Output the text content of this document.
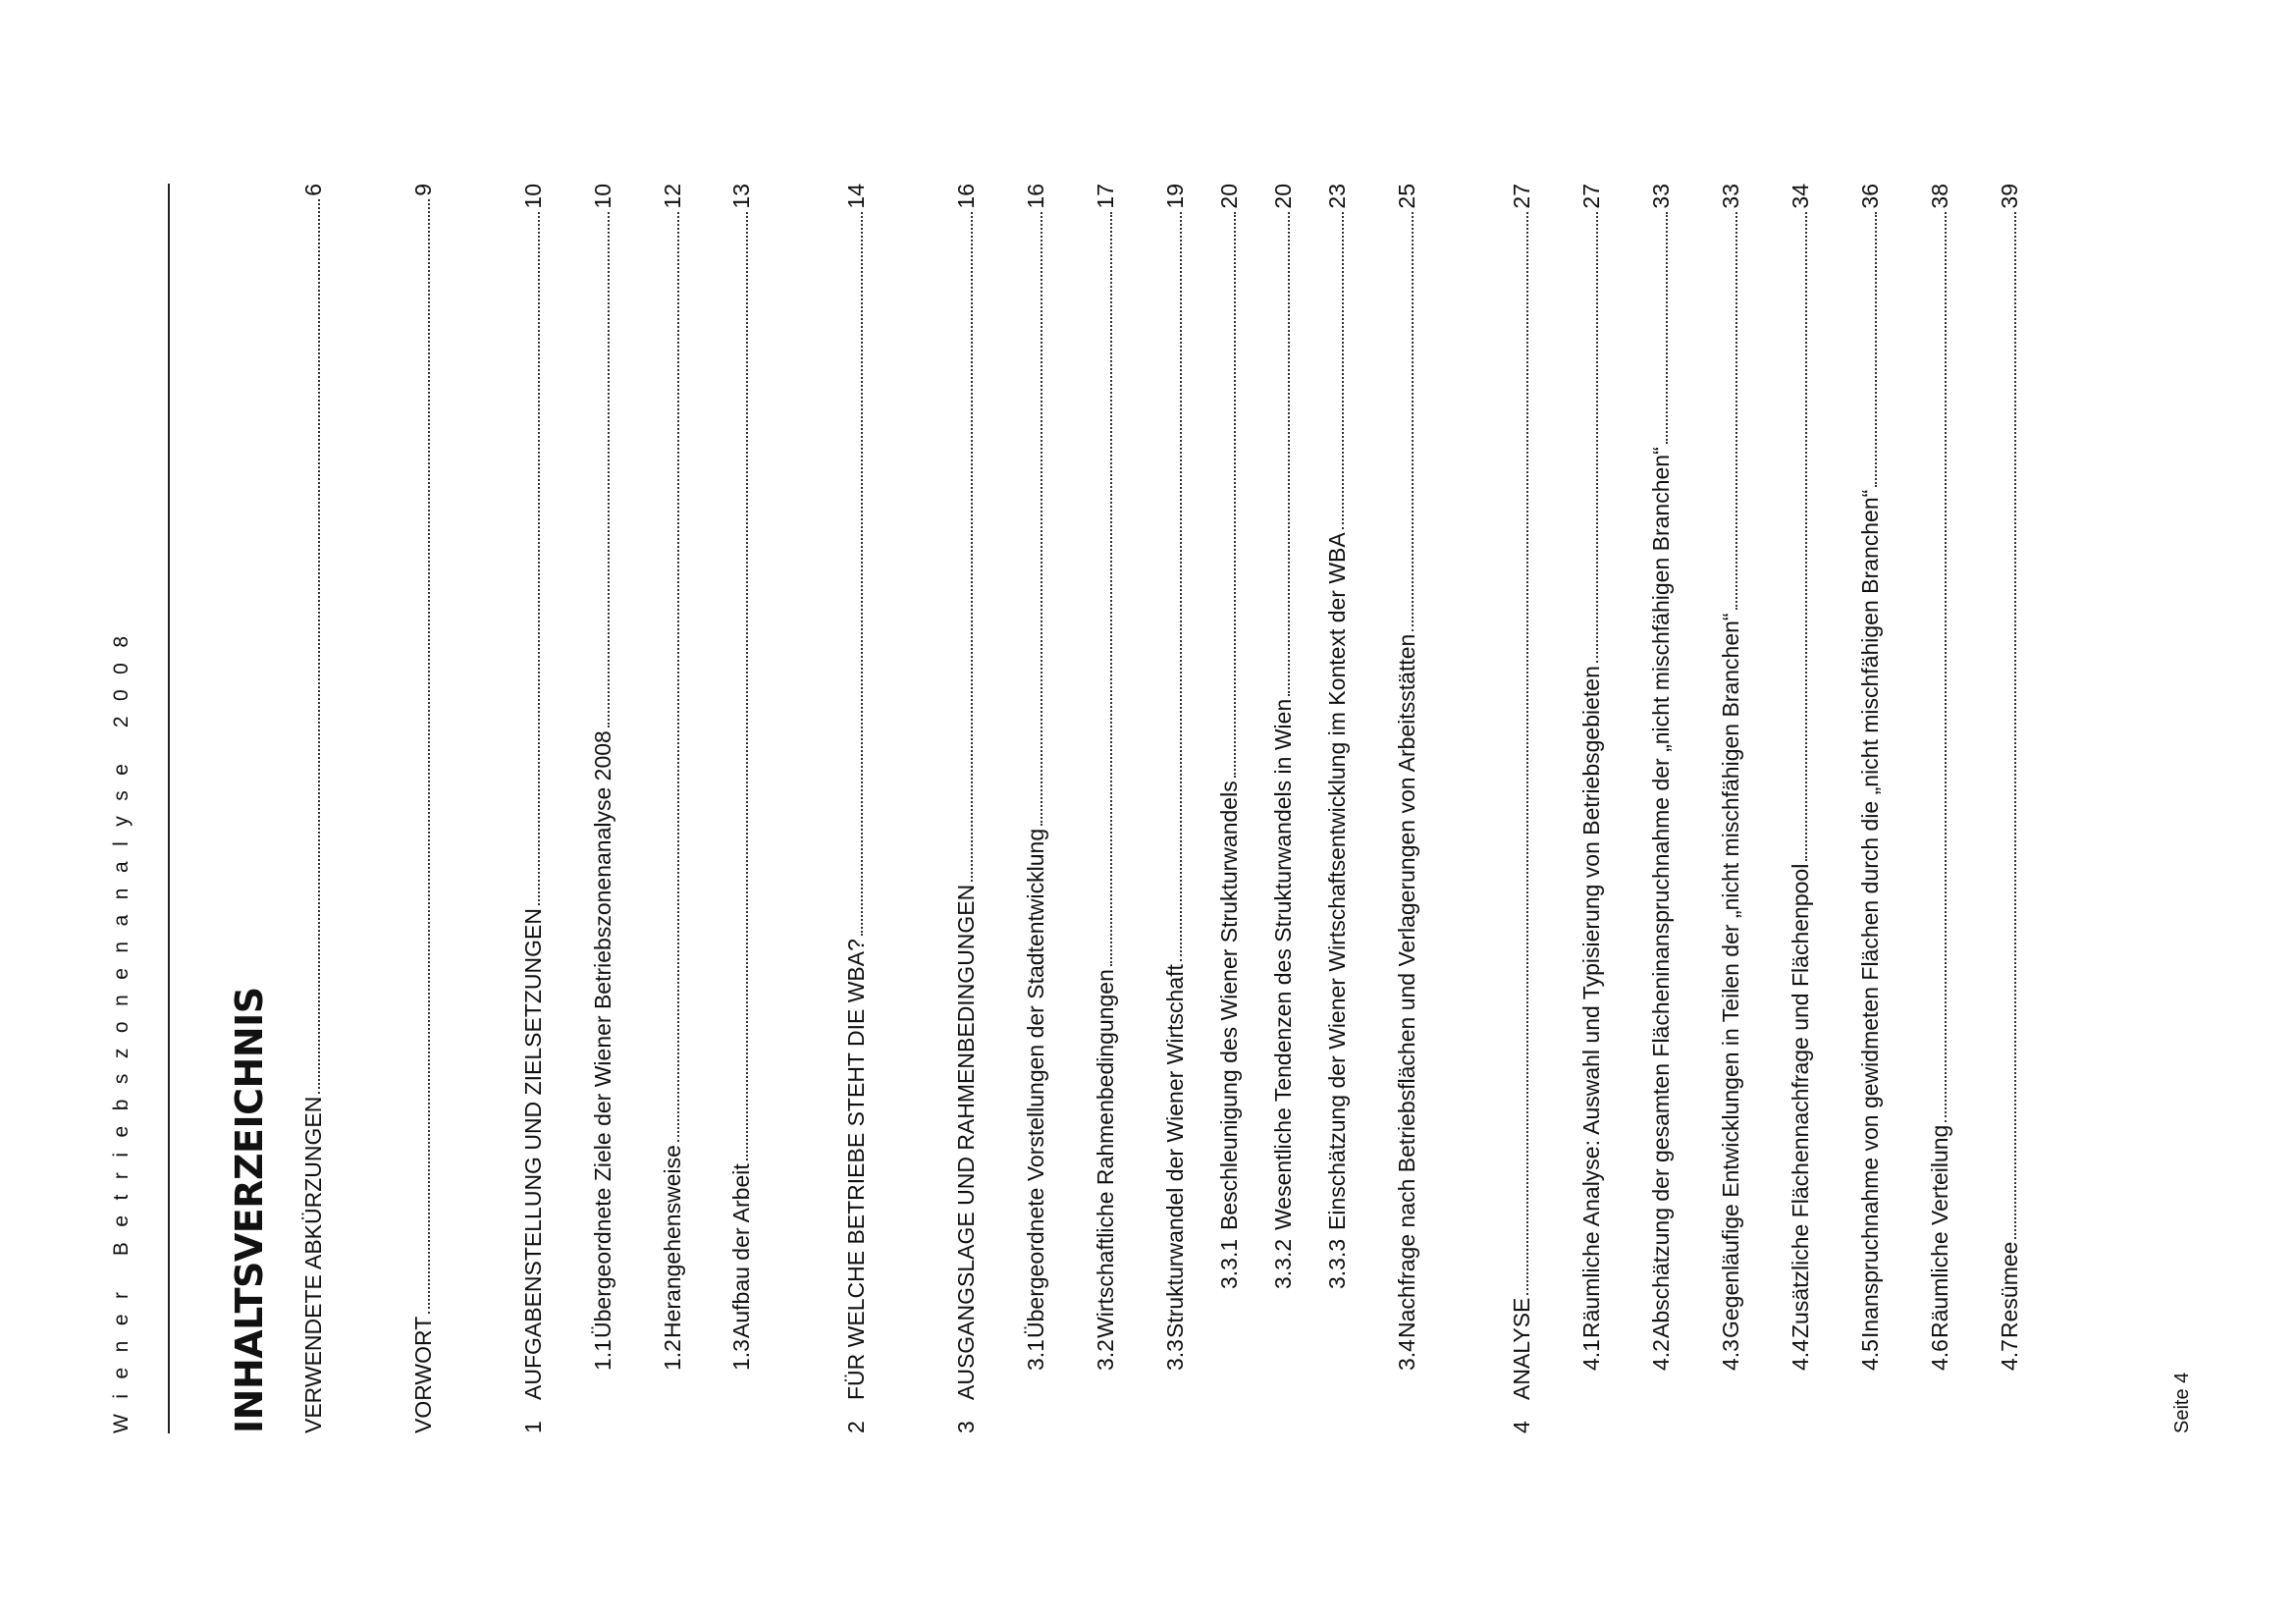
Wiener Betriebszonenanalyse 2008	INHALTSVERZEICHNIS VERWENDETE ABKÜRZUNGEN
6
VORWORT
9
1
AUFGABENSTELLUNG UND ZIELSETZUNGEN
10
1.1
Übergeordnete Ziele der Wiener Betriebszonenanalyse 2008
10
1.2
Herangehensweise
12
1.3
Aufbau der Arbeit
13
2
FÜR WELCHE BETRIEBE STEHT DIE WBA?
14
3
AUSGANGSLAGE UND RAHMENBEDINGUNGEN
16
3.1
Übergeordnete Vorstellungen der Stadtentwicklung
16
3.2
Wirtschaftliche Rahmenbedingungen
17
3.3
Strukturwandel der Wiener Wirtschaft
19
3.3.1
Beschleunigung des Wiener Strukturwandels
20
3.3.2
Wesentliche Tendenzen des Strukturwandels in Wien
20
3.3.3
Einschätzung der Wiener Wirtschaftsentwicklung im Kontext der WBA
23
3.4
Nachfrage nach Betriebsflächen und Verlagerungen von Arbeitsstätten
25
4
ANALYSE
27
4.1
Räumliche Analyse: Auswahl und Typisierung von Betriebsgebieten
27
4.2
Abschätzung der gesamten Flächeninanspruchnahme der „nicht mischfähigen Branchen“
33
4.3
Gegenläufige Entwicklungen in Teilen der „nicht mischfähigen Branchen“
33
4.4
Zusätzliche Flächennachfrage und Flächenpool
34
4.5
Inanspruchnahme von gewidmeten Flächen durch die „nicht mischfähigen Branchen“
36
4.6
Räumliche Verteilung
38
4.7
Resümee
39
Seite 4
